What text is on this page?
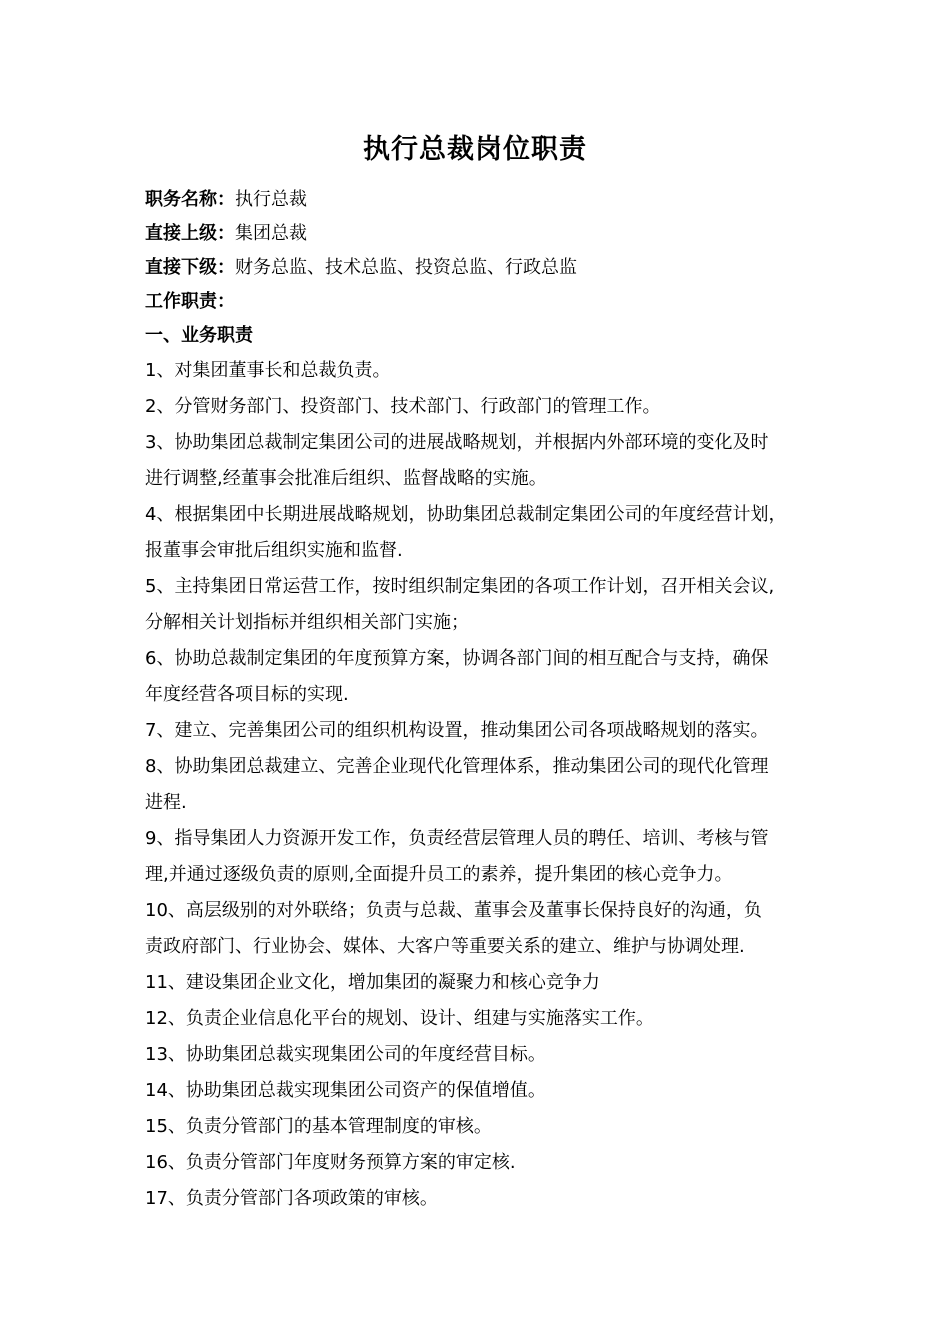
执行总裁岗位职责
职务名称：执行总裁
直接上级：集团总裁
直接下级：财务总监、技术总监、投资总监、行政总监
工作职责：
一、业务职责
1、对集团董事长和总裁负责。
2、分管财务部门、投资部门、技术部门、行政部门的管理工作。
3、协助集团总裁制定集团公司的进展战略规划，并根据内外部环境的变化及时
进行调整,经董事会批准后组织、监督战略的实施。
4、根据集团中长期进展战略规划，协助集团总裁制定集团公司的年度经营计划，
报董事会审批后组织实施和监督.
5、主持集团日常运营工作，按时组织制定集团的各项工作计划，召开相关会议,
分解相关计划指标并组织相关部门实施；
6、协助总裁制定集团的年度预算方案，协调各部门间的相互配合与支持，确保
年度经营各项目标的实现.
7、建立、完善集团公司的组织机构设置，推动集团公司各项战略规划的落实。
8、协助集团总裁建立、完善企业现代化管理体系，推动集团公司的现代化管理
进程.
9、指导集团人力资源开发工作，负责经营层管理人员的聘任、培训、考核与管
理,并通过逐级负责的原则,全面提升员工的素养，提升集团的核心竞争力。
10、高层级别的对外联络；负责与总裁、董事会及董事长保持良好的沟通，负
责政府部门、行业协会、媒体、大客户等重要关系的建立、维护与协调处理.
11、建设集团企业文化，增加集团的凝聚力和核心竞争力
12、负责企业信息化平台的规划、设计、组建与实施落实工作。
13、协助集团总裁实现集团公司的年度经营目标。
14、协助集团总裁实现集团公司资产的保值增值。
15、负责分管部门的基本管理制度的审核。
16、负责分管部门年度财务预算方案的审定核.
17、负责分管部门各项政策的审核。
